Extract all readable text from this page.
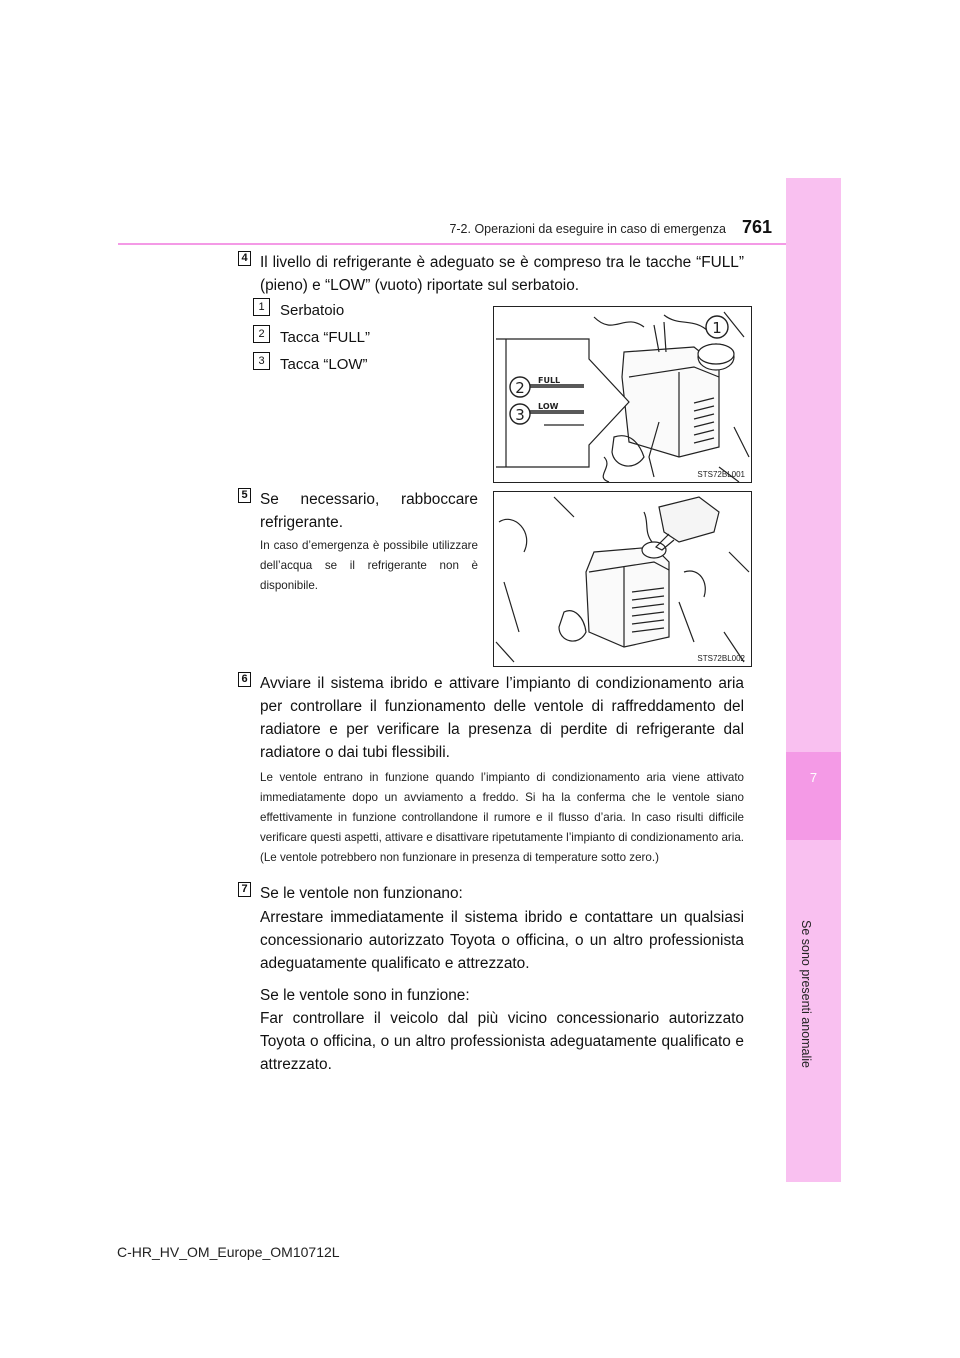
7
Se sono presenti anomalie
7-2. Operazioni da eseguire in caso di emergenza 761
4 Il livello di refrigerante è adeguato se è compreso tra le tacche “FULL” (pieno) e “LOW” (vuoto) riportate sul serbatoio.
1	Serbatoio
2	Tacca “FULL”
3	Tacca “LOW”
FULL
LOW
2
3
1
STS72BL001
5 Se necessario, rabboccare refrigerante.
In caso d’emergenza è possibile utilizzare dell’acqua se il refrigerante non è disponibile.
STS72BL002
6 Avviare il sistema ibrido e attivare l’impianto di condizionamento aria per controllare il funzionamento delle ventole di raffreddamento del radiatore e per verificare la presenza di perdite di refrigerante dal radiatore o dai tubi flessibili.
Le ventole entrano in funzione quando l’impianto di condizionamento aria viene attivato immediatamente dopo un avviamento a freddo. Si ha la conferma che le ventole siano effettivamente in funzione controllandone il rumore e il flusso d’aria. In caso risulti difficile verificare questi aspetti, attivare e disattivare ripetutamente l’impianto di condizionamento aria. (Le ventole potrebbero non funzionare in presenza di temperature sotto zero.)
7 Se le ventole non funzionano:
Arrestare immediatamente il sistema ibrido e contattare un qualsiasi concessionario autorizzato Toyota o officina, o un altro professionista adeguatamente qualificato e attrezzato.
Se le ventole sono in funzione:
Far controllare il veicolo dal più vicino concessionario autorizzato Toyota o officina, o un altro professionista adeguatamente qualificato e attrezzato.
C-HR_HV_OM_Europe_OM10712L
